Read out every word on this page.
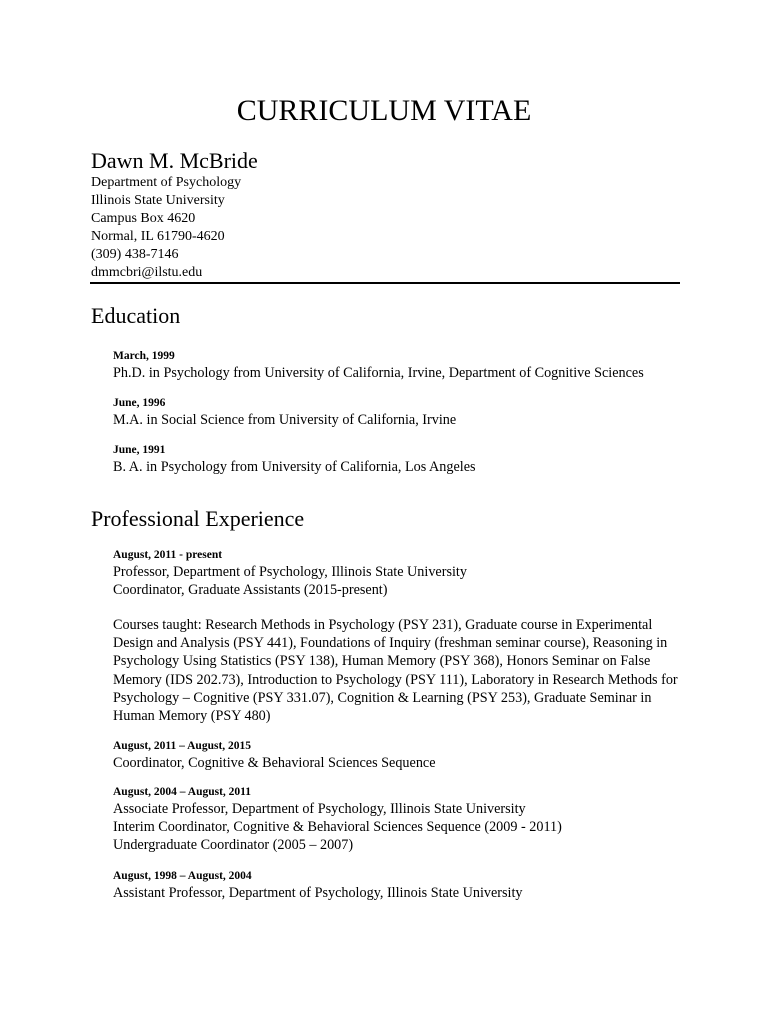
CURRICULUM VITAE
Dawn M. McBride
Department of Psychology
Illinois State University
Campus Box 4620
Normal, IL 61790-4620
(309) 438-7146
dmmcbri@ilstu.edu
Education
March, 1999
Ph.D. in Psychology from University of California, Irvine, Department of Cognitive Sciences
June, 1996
M.A. in Social Science from University of California, Irvine
June, 1991
B. A. in Psychology from University of California, Los Angeles
Professional Experience
August, 2011 - present
Professor, Department of Psychology, Illinois State University
Coordinator, Graduate Assistants (2015-present)

Courses taught: Research Methods in Psychology (PSY 231), Graduate course in Experimental Design and Analysis (PSY 441), Foundations of Inquiry (freshman seminar course), Reasoning in Psychology Using Statistics (PSY 138), Human Memory (PSY 368), Honors Seminar on False Memory (IDS 202.73), Introduction to Psychology (PSY 111), Laboratory in Research Methods for Psychology – Cognitive (PSY 331.07), Cognition & Learning (PSY 253), Graduate Seminar in Human Memory (PSY 480)

August, 2011 – August, 2015
Coordinator, Cognitive & Behavioral Sciences Sequence
August, 2004 – August, 2011
Associate Professor, Department of Psychology, Illinois State University
Interim Coordinator, Cognitive & Behavioral Sciences Sequence (2009 - 2011)
Undergraduate Coordinator (2005 – 2007)
August, 1998 – August, 2004
Assistant Professor, Department of Psychology, Illinois State University
